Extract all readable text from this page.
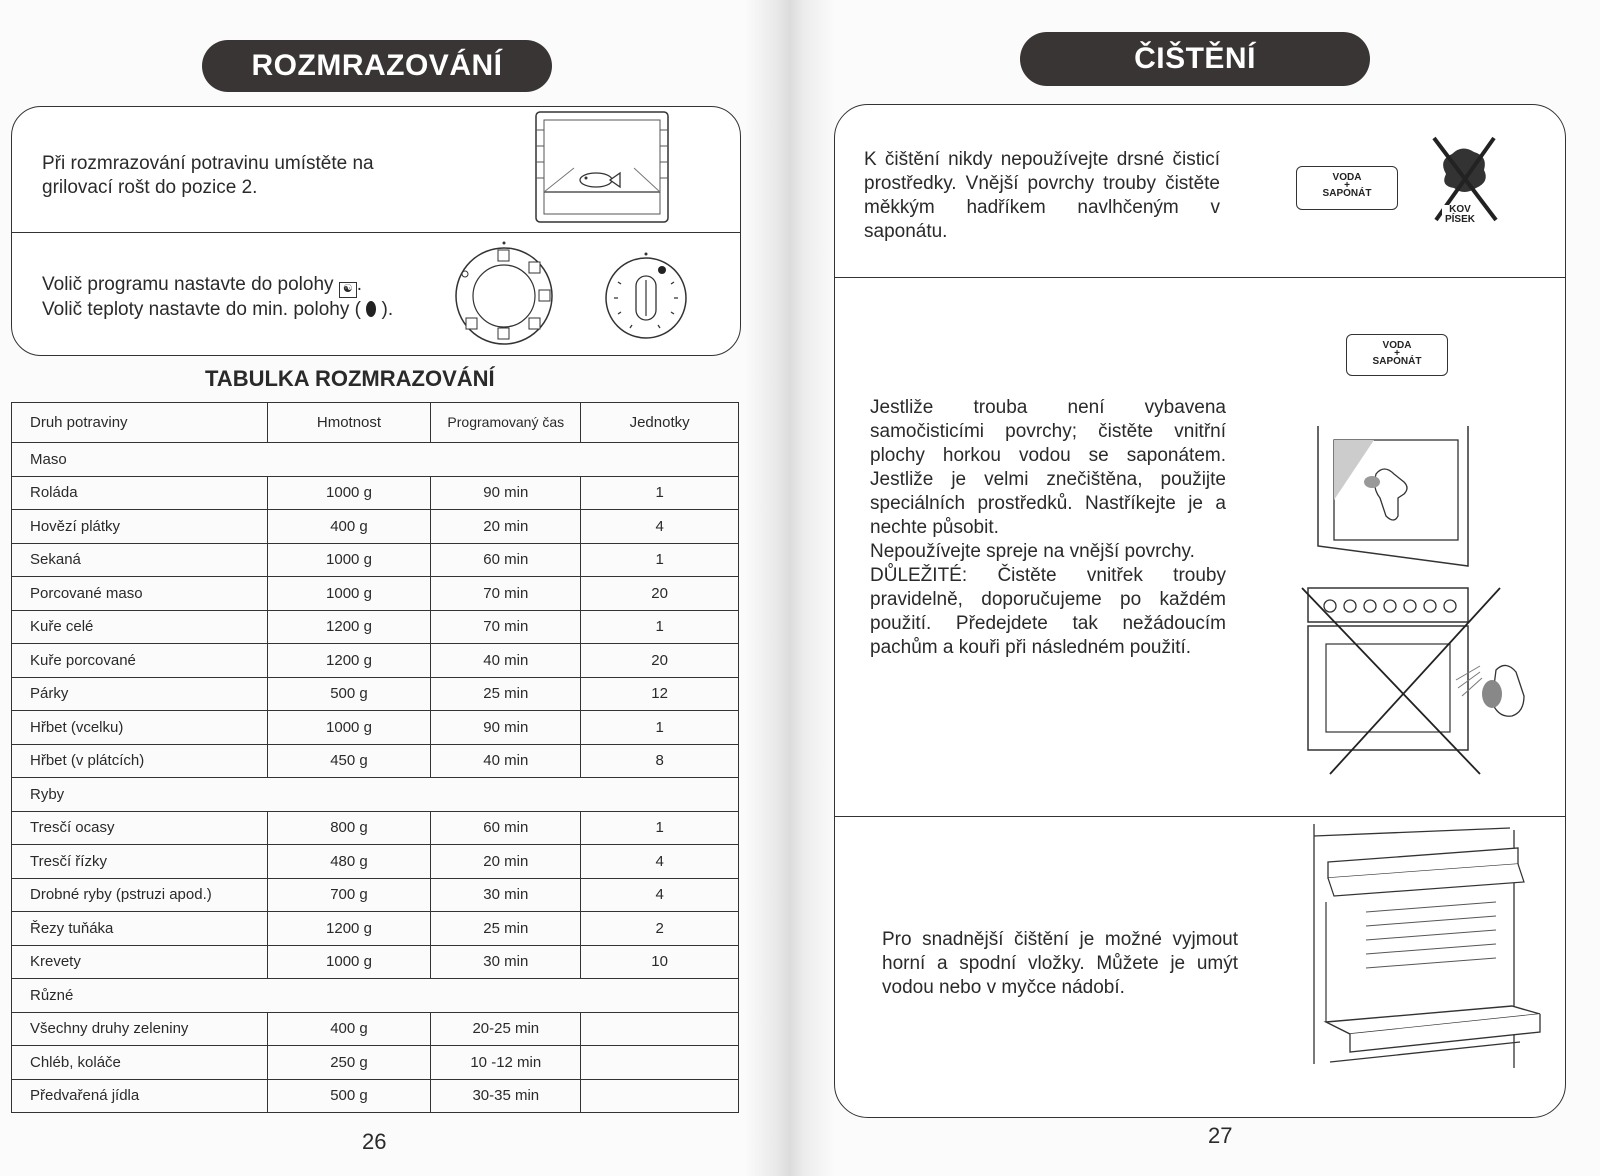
ROZMRAZOVÁNÍ
Při rozmrazování potravinu umístěte na grilovací rošt do pozice 2.

Volič programu nastavte do polohy ☯ .

Volič teploty nastavte do min. polohy ( ).

TABULKA ROZMRAZOVÁNÍ
Druh potraviny	Hmotnost	Programovaný čas	Jednotky
Maso			
Roláda	1000 g	90 min	1
Hovězí plátky	400 g	20 min	4
Sekaná	1000 g	60 min	1
Porcované maso	1000 g	70 min	20
Kuře celé	1200 g	70 min	1
Kuře porcované	1200 g	40 min	20
Párky	500 g	25 min	12
Hřbet (vcelku)	1000 g	90 min	1
Hřbet (v plátcích)	450 g	40 min	8
Ryby			
Tresčí ocasy	800 g	60 min	1
Tresčí řízky	480 g	20 min	4
Drobné ryby (pstruzi apod.)	700 g	30 min	4
Řezy tuňáka	1200 g	25 min	2
Krevety	1000 g	30 min	10
Různé			
Všechny druhy zeleniny	400 g	20-25 min	
Chléb, koláče	250 g	10 -12 min	
Předvařená jídla	500 g	30-35 min	
26
ČIŠTĚNÍ
K čištění nikdy nepoužívejte drsné čisticí prostředky. Vnější povrchy trouby čistěte měkkým hadříkem navlhčeným v saponátu.
VODA
+
SAPONÁT
KOV
PÍSEK

Jestliže trouba není vybavena samočisticími povrchy; čistěte vnitřní plochy horkou vodou se saponátem. Jestliže je velmi znečištěna, použijte speciálních prostředků. Nastříkejte je a nechte působit.

Nepoužívejte spreje na vnější povrchy.

DŮLEŽITÉ: Čistěte vnitřek trouby pravidelně, doporučujeme po každém použití. Předejdete tak nežádoucím pachům a kouři při následném použití.

VODA
+
SAPONÁT
Pro snadnější čištění je možné vyjmout horní a spodní vložky. Můžete je umýt vodou nebo v myčce nádobí.
27
